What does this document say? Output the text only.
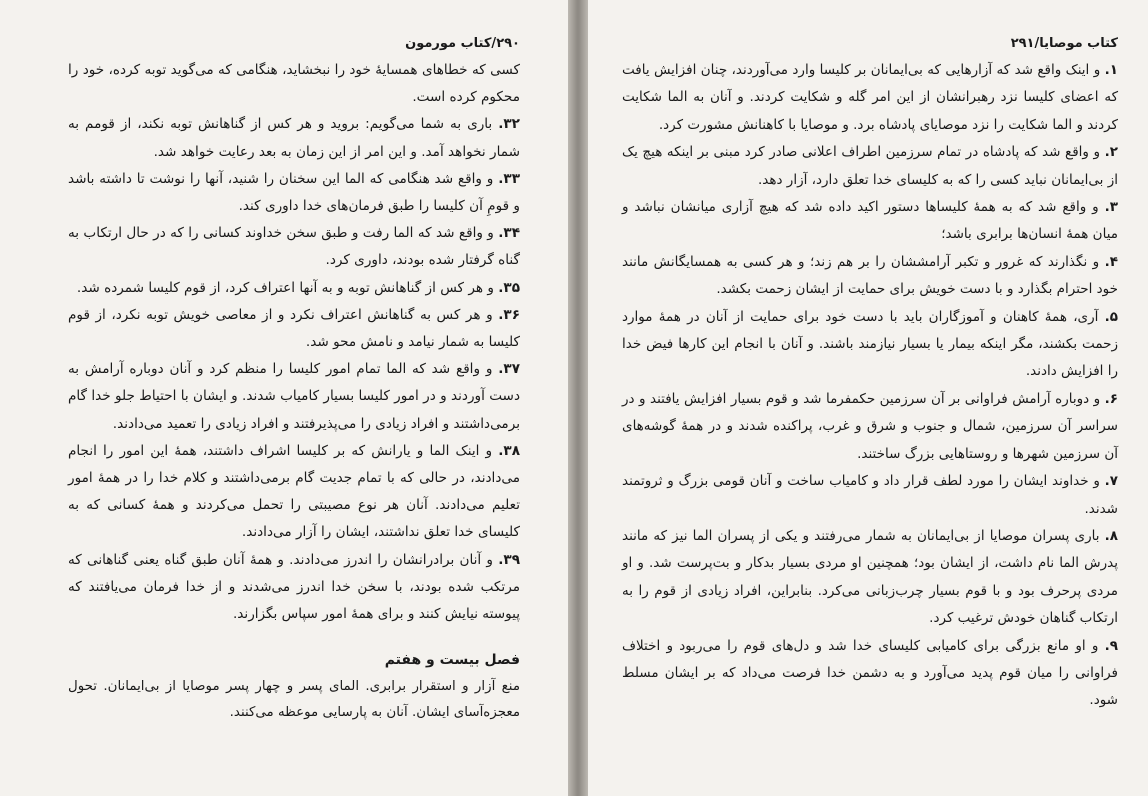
۲۹۰/کتاب مورمون

کسی که خطاهای همسایهٔ خود را نبخشاید، هنگامی که می‌گوید توبه کرده، خود را محکوم کرده است.

۳۲. باری به شما می‌گویم: بروید و هر کس از گناهانش توبه نکند، از قومم به شمار نخواهد آمد. و این امر از این زمان به بعد رعایت خواهد شد.

۳۳. و واقع شد هنگامی که الما این سخنان را شنید، آنها را نوشت تا داشته باشد و قومِ آن کلیسا را طبق فرمان‌های خدا داوری کند.

۳۴. و واقع شد که الما رفت و طبق سخن خداوند کسانی را که در حال ارتکاب به گناه گرفتار شده بودند، داوری کرد.

۳۵. و هر کس از گناهانش توبه و به آنها اعتراف کرد، از قوم کلیسا شمرده شد.

۳۶. و هر کس به گناهانش اعتراف نکرد و از معاصی خویش توبه نکرد، از قوم کلیسا به شمار نیامد و نامش محو شد.

۳۷. و واقع شد که الما تمام امور کلیسا را منظم کرد و آنان دوباره آرامش به دست آوردند و در امور کلیسا بسیار کامیاب شدند. و ایشان با احتیاط جلو خدا گام برمی‌داشتند و افراد زیادی را می‌پذیرفتند و افراد زیادی را تعمید می‌دادند.

۳۸. و اینک الما و یارانش که بر کلیسا اشراف داشتند، همهٔ این امور را انجام می‌دادند، در حالی که با تمام جدیت گام برمی‌داشتند و کلام خدا را در همهٔ امور تعلیم می‌دادند. آنان هر نوع مصیبتی را تحمل می‌کردند و همهٔ کسانی که به کلیسای خدا تعلق نداشتند، ایشان را آزار می‌دادند.

۳۹. و آنان برادرانشان را اندرز می‌دادند. و همهٔ آنان طبق گناه یعنی گناهانی که مرتکب شده بودند، با سخن خدا اندرز می‌شدند و از خدا فرمان می‌یافتند که پیوسته نیایش کنند و برای همهٔ امور سپاس بگزارند.

فصل بیست و هفتم
منع آزار و استقرار برابری. المای پسر و چهار پسر موصایا از بی‌ایمانان. تحول معجزه‌آسای ایشان. آنان به پارسایی موعظه می‌کنند.
کتاب موصایا/۲۹۱

۱. و اینک واقع شد که آزارهایی که بی‌ایمانان بر کلیسا وارد می‌آوردند، چنان افزایش یافت که اعضای کلیسا نزد رهبرانشان از این امر گله و شکایت کردند. و آنان به الما شکایت کردند و الما شکایت را نزد موصایای پادشاه برد. و موصایا با کاهنانش مشورت کرد.

۲. و واقع شد که پادشاه در تمام سرزمین اطراف اعلانی صادر کرد مبنی بر اینکه هیچ یک از بی‌ایمانان نباید کسی را که به کلیسای خدا تعلق دارد، آزار دهد.

۳. و واقع شد که به همهٔ کلیساها دستور اکید داده شد که هیچ آزاری میانشان نباشد و میان همهٔ انسان‌ها برابری باشد؛

۴. و نگذارند که غرور و تکبر آرامششان را بر هم زند؛ و هر کسی به همسایگانش مانند خود احترام بگذارد و با دست خویش برای حمایت از ایشان زحمت بکشد.

۵. آری، همهٔ کاهنان و آموزگاران باید با دست خود برای حمایت از آنان در همهٔ موارد زحمت بکشند، مگر اینکه بیمار یا بسیار نیازمند باشند. و آنان با انجام این کارها فیض خدا را افزایش دادند.

۶. و دوباره آرامش فراوانی بر آن سرزمین حکمفرما شد و قوم بسیار افزایش یافتند و در سراسر آن سرزمین، شمال و جنوب و شرق و غرب، پراکنده شدند و در همهٔ گوشه‌های آن سرزمین شهرها و روستاهایی بزرگ ساختند.

۷. و خداوند ایشان را مورد لطف قرار داد و کامیاب ساخت و آنان قومی بزرگ و ثروتمند شدند.

۸. باری پسران موصایا از بی‌ایمانان به شمار می‌رفتند و یکی از پسران الما نیز که مانند پدرش الما نام داشت، از ایشان بود؛ همچنین او مردی بسیار بدکار و بت‌پرست شد. و او مردی پرحرف بود و با قوم بسیار چرب‌زبانی می‌کرد. بنابراین، افراد زیادی از قوم را به ارتکاب گناهان خودش ترغیب کرد.

۹. و او مانع بزرگی برای کامیابی کلیسای خدا شد و دل‌های قوم را می‌ربود و اختلاف فراوانی را میان قوم پدید می‌آورد و به دشمن خدا فرصت می‌داد که بر ایشان مسلط شود.
